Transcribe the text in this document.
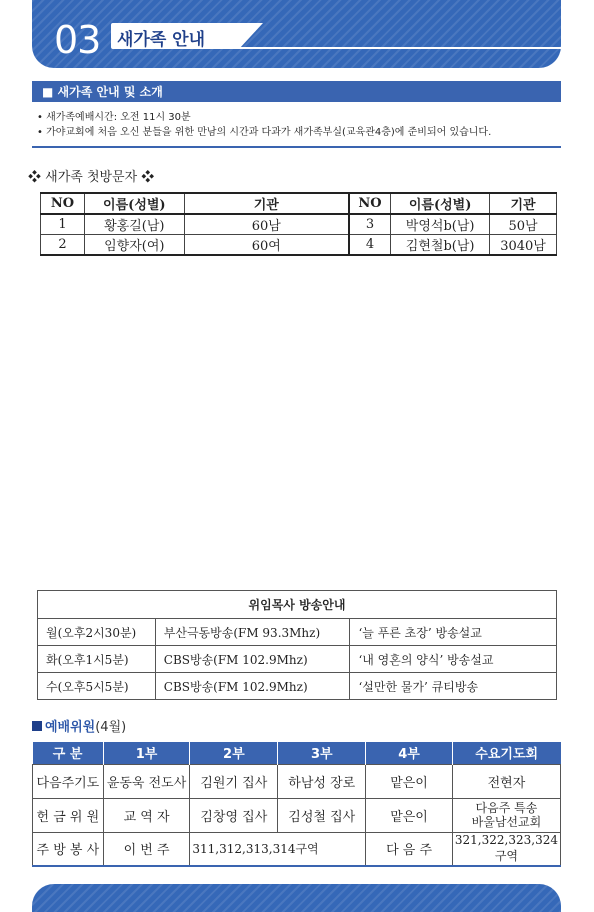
03 새가족 안내
■ 새가족 안내 및 소개
• 새가족예배시간: 오전 11시 30분
• 가야교회에 처음 오신 분들을 위한 만남의 시간과 다과가 새가족부실(교육관4층)에 준비되어 있습니다.
❖ 새가족 첫방문자 ❖
NO	이름(성별)	기관	NO	이름(성별)	기관
1	황홍길(남)	60남	3	박영석b(남)	50남
2	임향자(여)	60여	4	김현철b(남)	3040남
위임목사 방송안내		
월(오후2시30분)	부산극동방송(FM 93.3Mhz)	‘늘 푸른 초장’ 방송설교
화(오후1시5분)	CBS방송(FM 102.9Mhz)	‘내 영혼의 양식’ 방송설교
수(오후5시5분)	CBS방송(FM 102.9Mhz)	‘설만한 물가’ 큐티방송
예배위원(4월)
구 분	1부	2부	3부	4부	수요기도회
다음주기도	윤동욱 전도사	김원기 집사	하남성 장로	맡은이	전현자
헌 금 위 원	교 역 자	김창영 집사	김성철 집사	맡은이	다음주 특송
바울남선교회

주 방 봉 사	이 번 주	311,312,313,314구역		다 음 주	321,322,323,324구역
